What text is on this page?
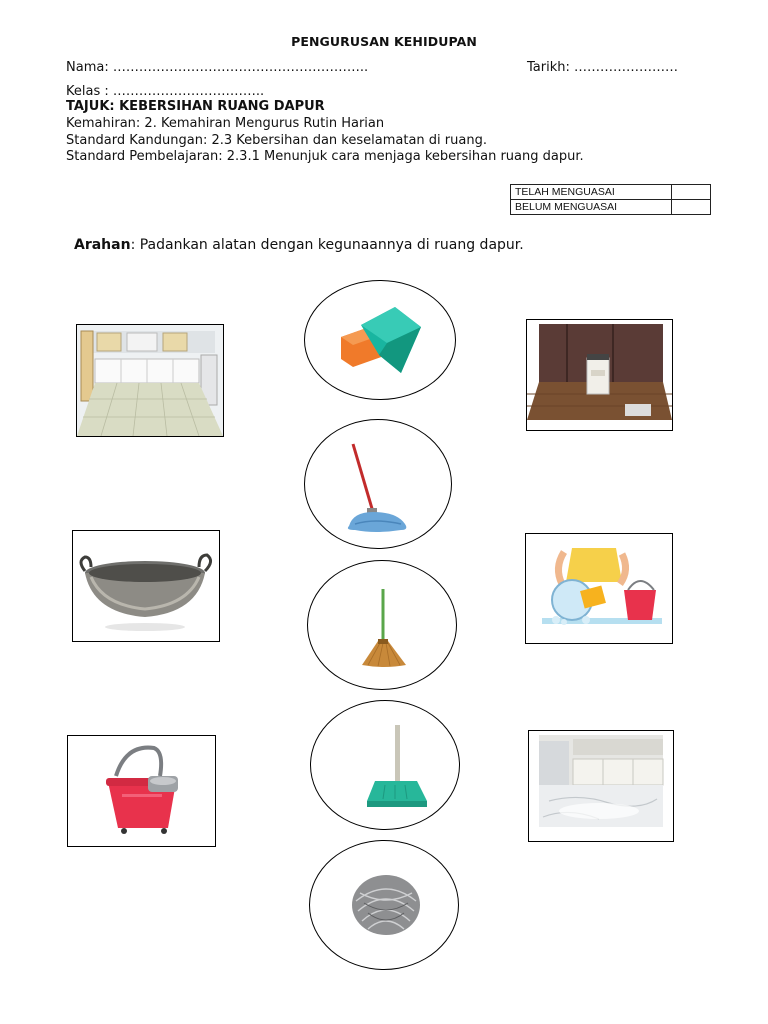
PENGURUSAN KEHIDUPAN
Nama: …………………………………………………..	Tarikh: ……………………
Kelas : ……………………………..
TAJUK: KEBERSIHAN RUANG DAPUR
Kemahiran: 2. Kemahiran Mengurus Rutin Harian
Standard Kandungan: 2.3 Kebersihan dan keselamatan di ruang.
Standard Pembelajaran: 2.3.1 Menunjuk cara menjaga kebersihan ruang dapur.
TELAH MENGUASAI	
BELUM MENGUASAI	
Arahan: Padankan alatan dengan kegunaannya di ruang dapur.
